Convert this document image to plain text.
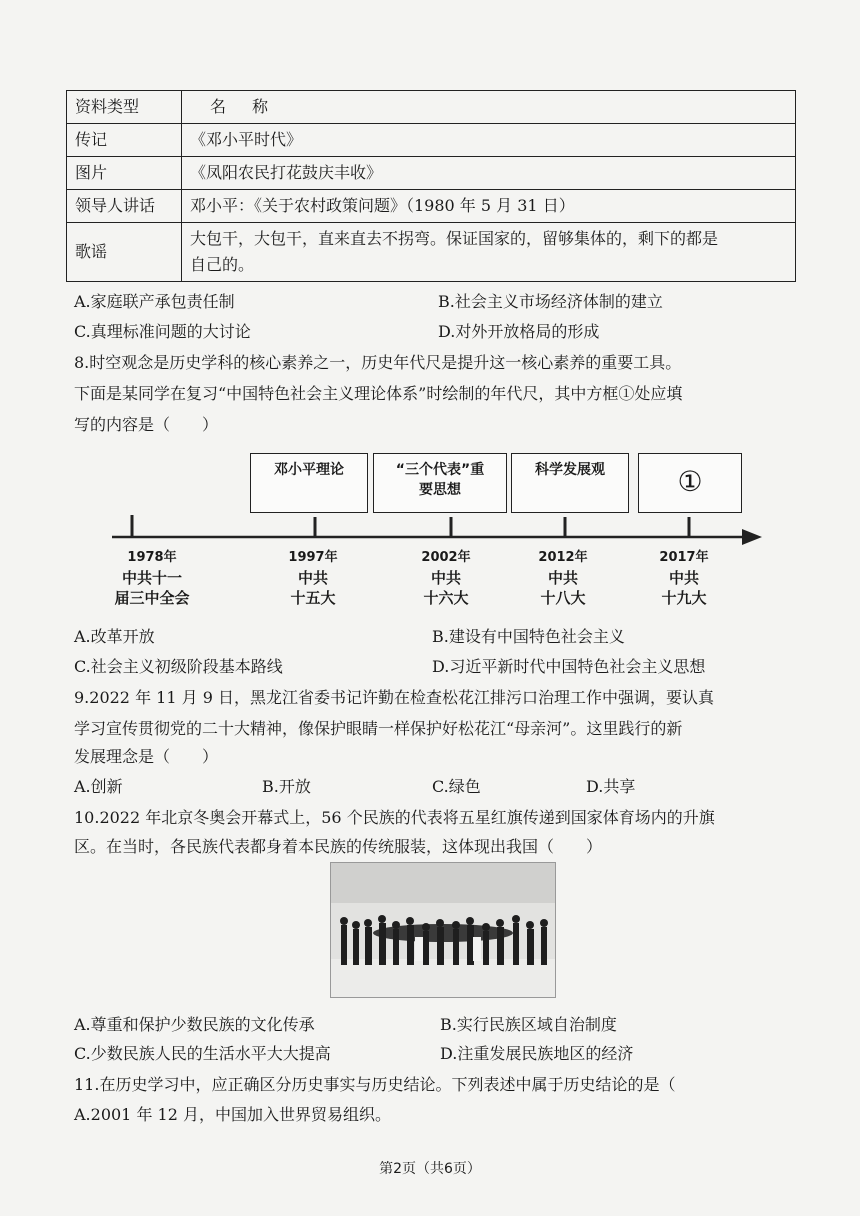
资料类型	名称
传记	《邓小平时代》
图片	《凤阳农民打花鼓庆丰收》
领导人讲话	邓小平：《关于农村政策问题》（1980 年 5 月 31 日）
歌谣	大包干，大包干，直来直去不拐弯。保证国家的，留够集体的，剩下的都是
自己的。
A.家庭联产承包责任制	B.社会主义市场经济体制的建立
C.真理标准问题的大讨论	D.对外开放格局的形成
8.时空观念是历史学科的核心素养之一，历史年代尺是提升这一核心素养的重要工具。
下面是某同学在复习“中国特色社会主义理论体系”时绘制的年代尺，其中方框①处应填
写的内容是（　　）
邓小平理论	“三个代表”重
要思想
科学发展观	①
1978年
中共十一
届三中全会
1997年
中共
十五大
2002年
中共
十六大
2012年
中共
十八大
2017年
中共
十九大
A.改革开放	B.建设有中国特色社会主义
C.社会主义初级阶段基本路线	D.习近平新时代中国特色社会主义思想
9.2022 年 11 月 9 日，黑龙江省委书记许勤在检查松花江排污口治理工作中强调，要认真
学习宣传贯彻党的二十大精神，像保护眼睛一样保护好松花江“母亲河”。这里践行的新
发展理念是（　　）
A.创新	B.开放	C.绿色	D.共享
10.2022 年北京冬奥会开幕式上，56 个民族的代表将五星红旗传递到国家体育场内的升旗
区。在当时，各民族代表都身着本民族的传统服装，这体现出我国（　　）
A.尊重和保护少数民族的文化传承	B.实行民族区域自治制度
C.少数民族人民的生活水平大大提高	D.注重发展民族地区的经济
11.在历史学习中，应正确区分历史事实与历史结论。下列表述中属于历史结论的是（
A.2001 年 12 月，中国加入世界贸易组织。
第2页（共6页）
